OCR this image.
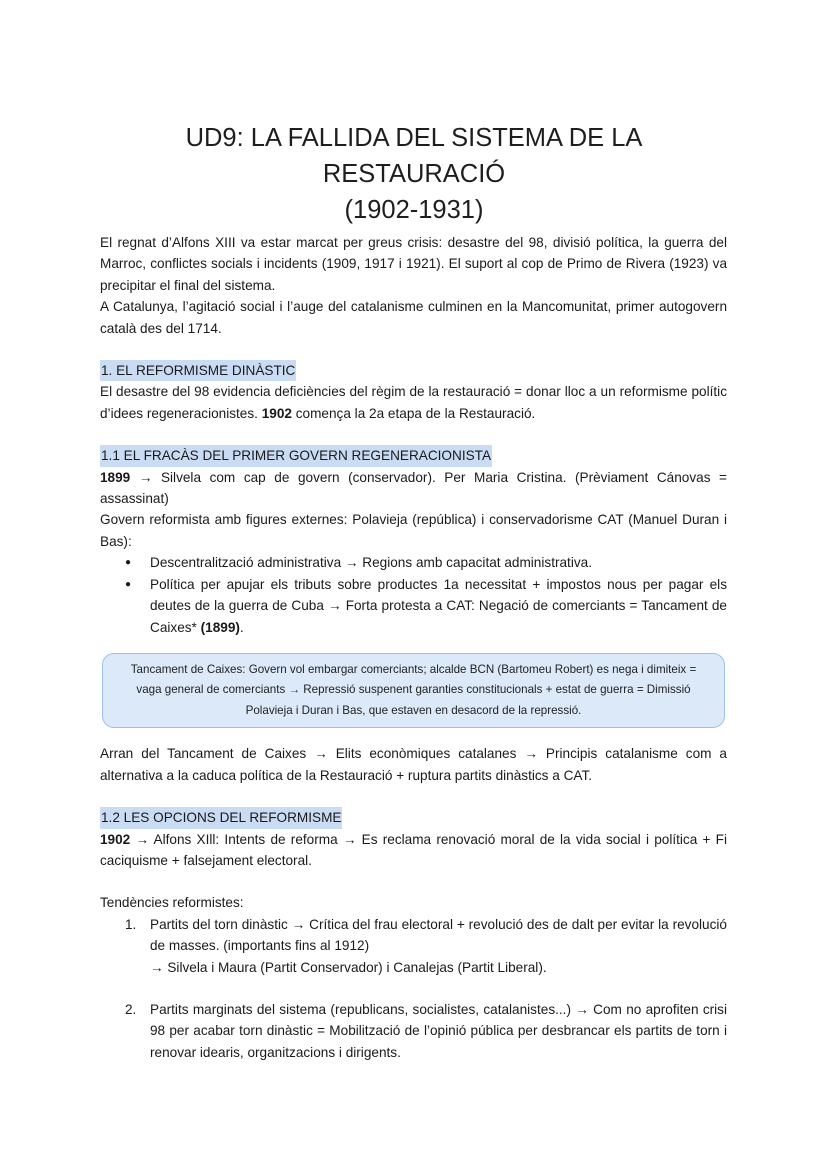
UD9: LA FALLIDA DEL SISTEMA DE LA RESTAURACIÓ
(1902-1931)

El regnat d’Alfons XIII va estar marcat per greus crisis: desastre del 98, divisió política, la guerra del Marroc, conflictes socials i incidents (1909, 1917 i 1921). El suport al cop de Primo de Rivera (1923) va precipitar el final del sistema.

A Catalunya, l’agitació social i l’auge del catalanisme culminen en la Mancomunitat, primer autogovern català des del 1714.

1. EL REFORMISME DINÀSTIC

El desastre del 98 evidencia deficiències del règim de la restauració = donar lloc a un reformisme polític d’idees regeneracionistes. 1902 comença la 2a etapa de la Restauració.

1.1 EL FRACÀS DEL PRIMER GOVERN REGENERACIONISTA

1899 → Silvela com cap de govern (conservador). Per Maria Cristina. (Prèviament Cánovas = assassinat)

Govern reformista amb figures externes: Polavieja (república) i conservadorisme CAT (Manuel Duran i Bas):

● Descentralització administrativa → Regions amb capacitat administrativa.
● Política per apujar els tributs sobre productes 1a necessitat + impostos nous per pagar els deutes de la guerra de Cuba → Forta protesta a CAT: Negació de comerciants = Tancament de Caixes* (1899).
Tancament de Caixes: Govern vol embargar comerciants; alcalde BCN (Bartomeu Robert) es nega i dimiteix = vaga general de comerciants → Repressió suspenent garanties constitucionals + estat de guerra = Dimissió Polavieja i Duran i Bas, que estaven en desacord de la repressió.

Arran del Tancament de Caixes → Elits econòmiques catalanes → Principis catalanisme com a alternativa a la caduca política de la Restauració + ruptura partits dinàstics a CAT.

1.2 LES OPCIONS DEL REFORMISME

1902 → Alfons XIll: Intents de reforma → Es reclama renovació moral de la vida social i política + Fi caciquisme + falsejament electoral.

Tendències reformistes:

1. Partits del torn dinàstic → Crítica del frau electoral + revolució des de dalt per evitar la revolució de masses. (importants fins al 1912)
→ Silvela i Maura (Partit Conservador) i Canalejas (Partit Liberal).
2. Partits marginats del sistema (republicans, socialistes, catalanistes...) → Com no aprofiten crisi 98 per acabar torn dinàstic = Mobilització de l’opinió pública per desbrancar els partits de torn i renovar idearis, organitzacions i dirigents.
